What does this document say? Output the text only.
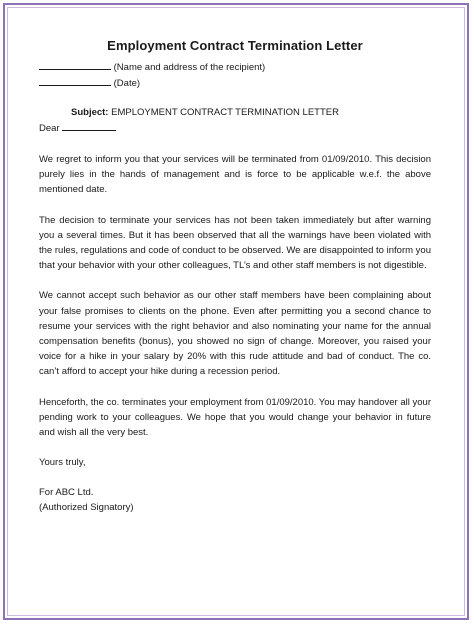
Employment Contract Termination Letter
(Name and address of the recipient)
(Date)
Subject: EMPLOYMENT CONTRACT TERMINATION LETTER
Dear

We regret to inform you that your services will be terminated from 01/09/2010. This decision purely lies in the hands of management and is force to be applicable w.e.f. the above mentioned date.

The decision to terminate your services has not been taken immediately but after warning you a several times. But it has been observed that all the warnings have been violated with the rules, regulations and code of conduct to be observed. We are disappointed to inform you that your behavior with your other colleagues, TL’s and other staff members is not digestible.

We cannot accept such behavior as our other staff members have been complaining about your false promises to clients on the phone. Even after permitting you a second chance to resume your services with the right behavior and also nominating your name for the annual compensation benefits (bonus), you showed no sign of change. Moreover, you raised your voice for a hike in your salary by 20% with this rude attitude and bad of conduct. The co. can’t afford to accept your hike during a recession period.

Henceforth, the co. terminates your employment from 01/09/2010. You may handover all your pending work to your colleagues. We hope that you would change your behavior in future and wish all the very best.

Yours truly,
For ABC Ltd.
(Authorized Signatory)
